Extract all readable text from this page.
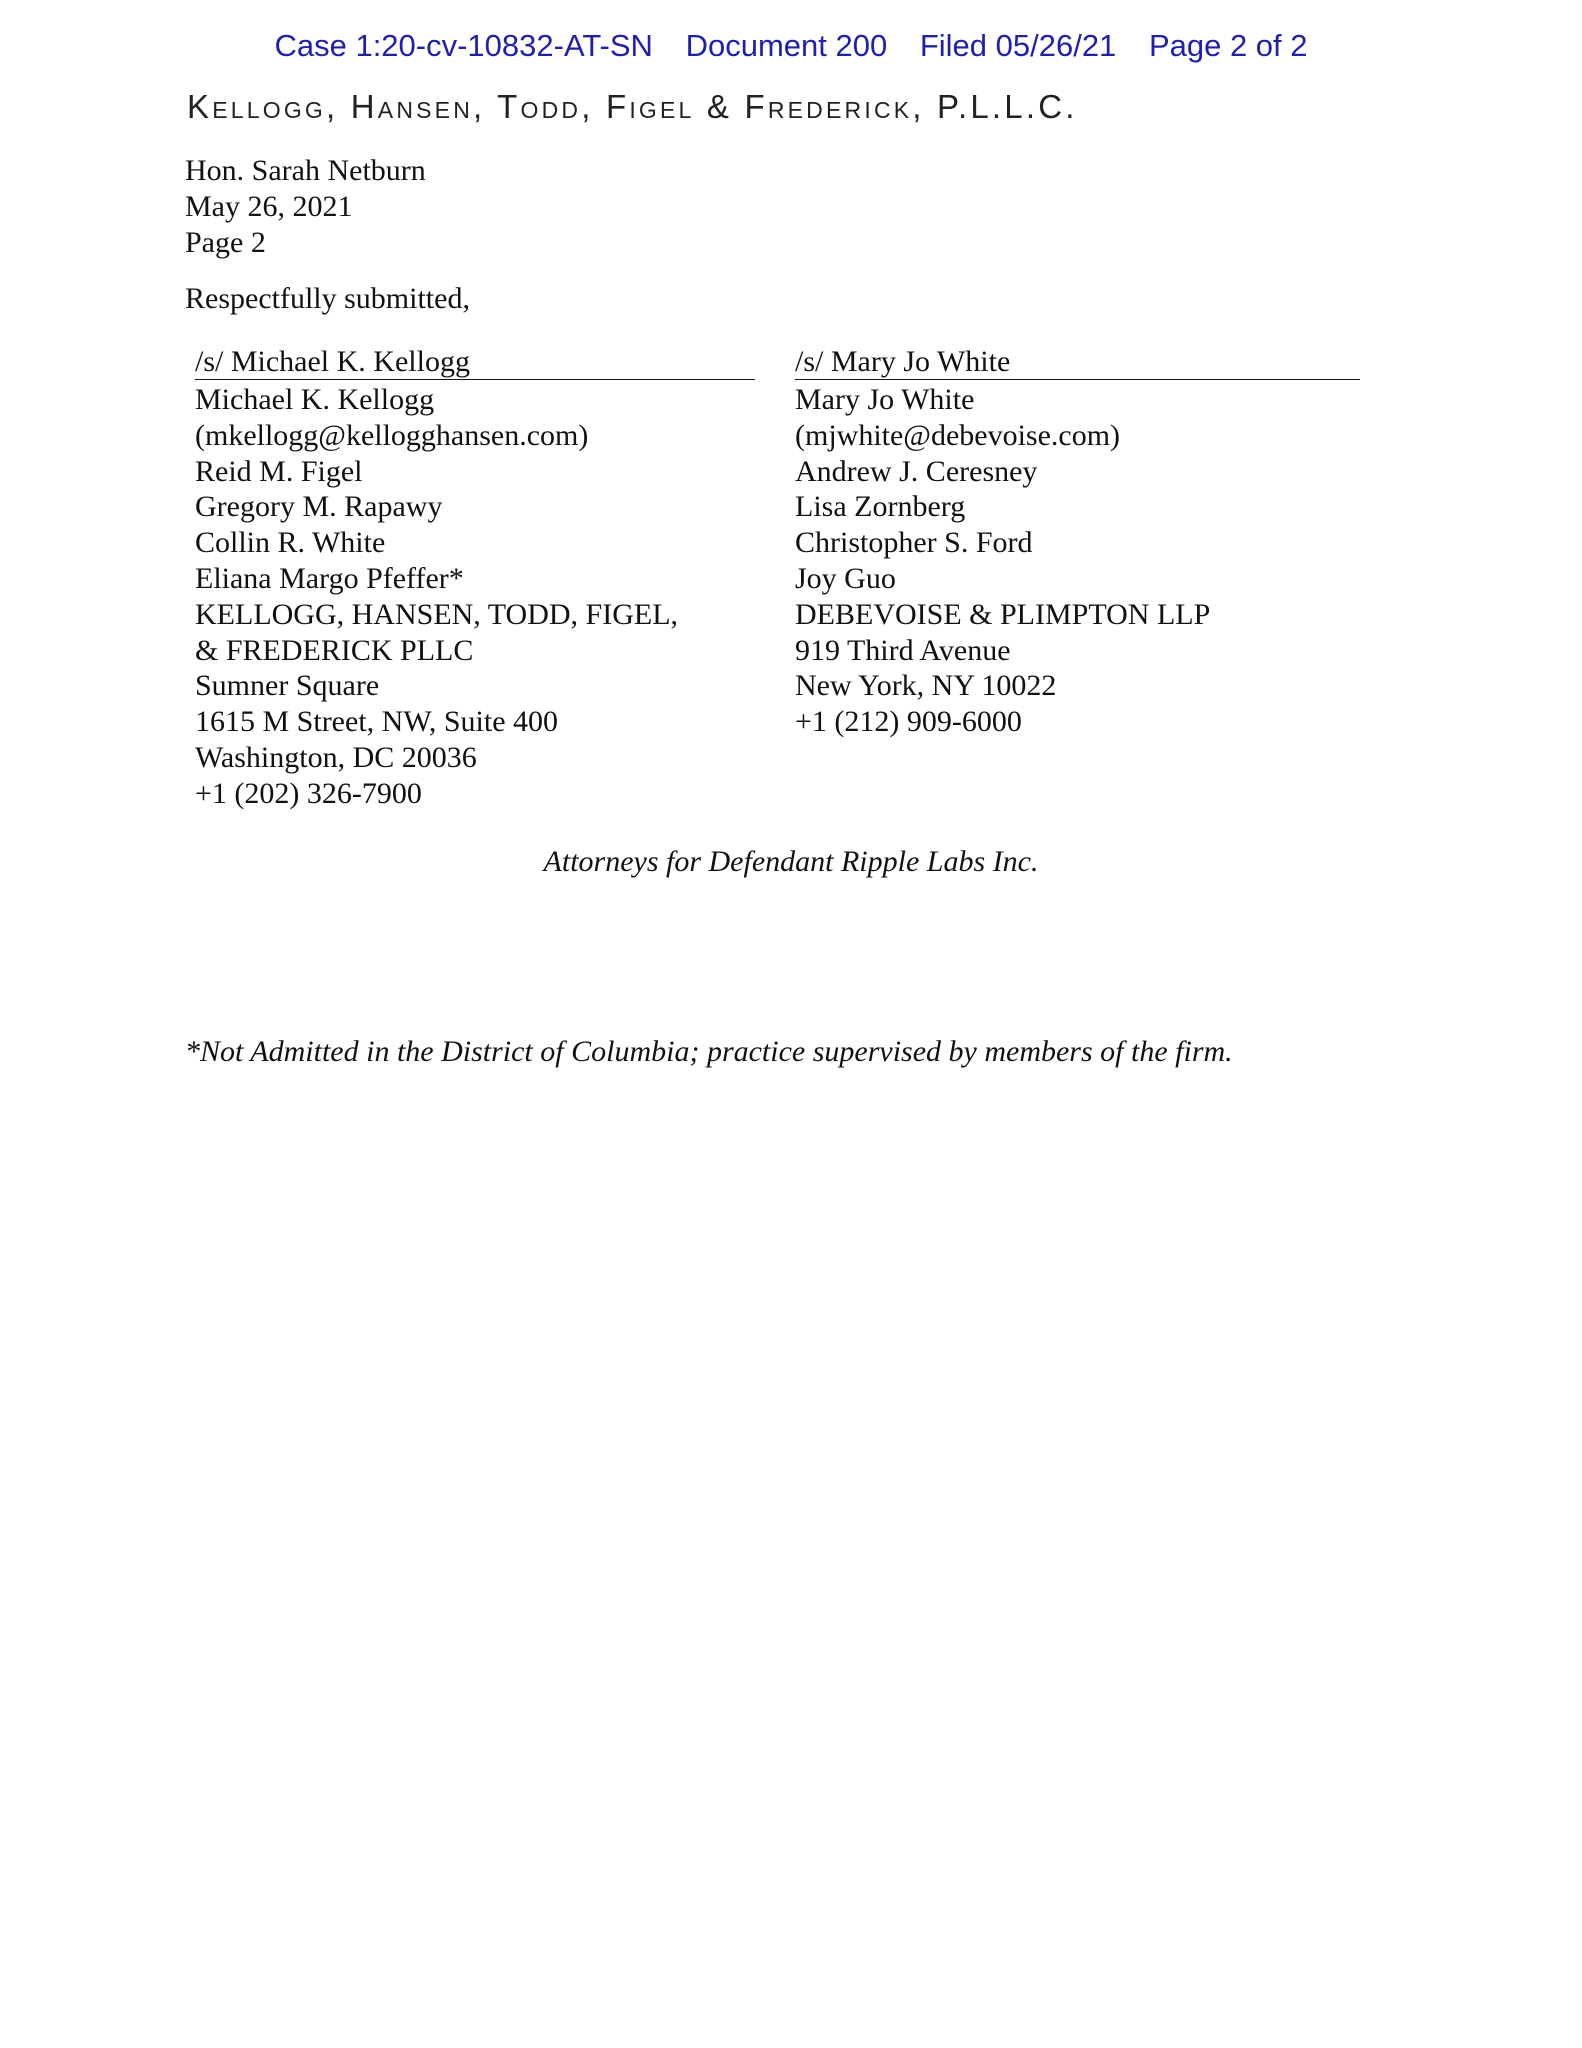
Case 1:20-cv-10832-AT-SN Document 200 Filed 05/26/21 Page 2 of 2
Kellogg, Hansen, Todd, Figel & Frederick, P.L.L.C.
Hon. Sarah Netburn
May 26, 2021
Page 2
Respectfully submitted,
/s/ Michael K. Kellogg
Michael K. Kellogg
(mkellogg@kellogghansen.com)
Reid M. Figel
Gregory M. Rapawy
Collin R. White
Eliana Margo Pfeffer*
KELLOGG, HANSEN, TODD, FIGEL,
& FREDERICK PLLC
Sumner Square
1615 M Street, NW, Suite 400
Washington, DC 20036
+1 (202) 326-7900
/s/ Mary Jo White
Mary Jo White
(mjwhite@debevoise.com)
Andrew J. Ceresney
Lisa Zornberg
Christopher S. Ford
Joy Guo
DEBEVOISE & PLIMPTON LLP
919 Third Avenue
New York, NY 10022
+1 (212) 909-6000
Attorneys for Defendant Ripple Labs Inc.
*Not Admitted in the District of Columbia; practice supervised by members of the firm.
